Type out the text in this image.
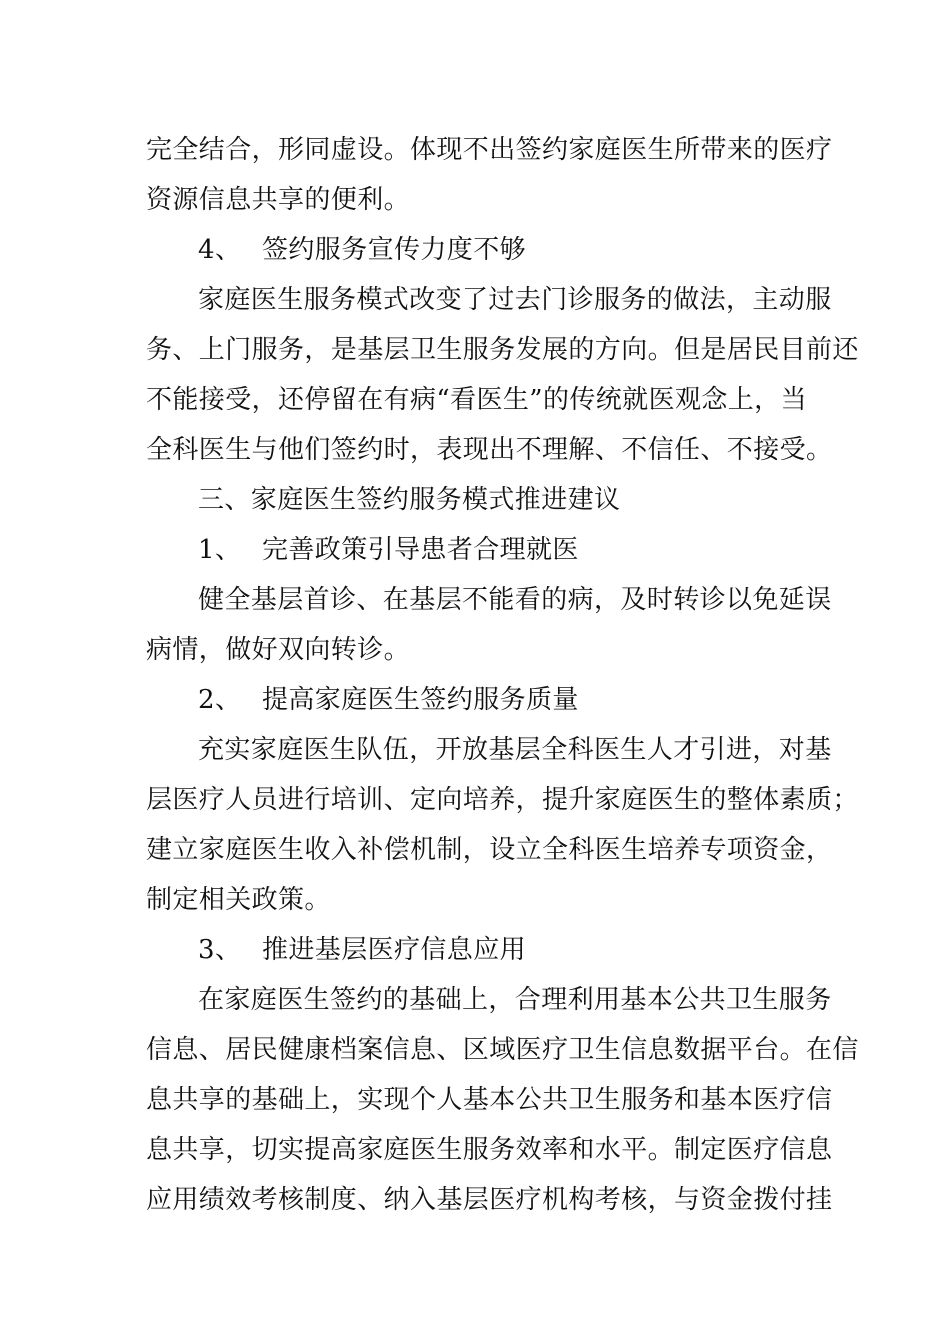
完全结合，形同虚设。体现不出签约家庭医生所带来的医疗
资源信息共享的便利。
4、 签约服务宣传力度不够
家庭医生服务模式改变了过去门诊服务的做法，主动服
务、上门服务，是基层卫生服务发展的方向。但是居民目前还
不能接受，还停留在有病“看医生”的传统就医观念上，当
全科医生与他们签约时，表现出不理解、不信任、不接受。
三、家庭医生签约服务模式推进建议
1、 完善政策引导患者合理就医
健全基层首诊、在基层不能看的病，及时转诊以免延误
病情，做好双向转诊。
2、 提高家庭医生签约服务质量
充实家庭医生队伍，开放基层全科医生人才引进，对基
层医疗人员进行培训、定向培养，提升家庭医生的整体素质；
建立家庭医生收入补偿机制，设立全科医生培养专项资金，
制定相关政策。
3、 推进基层医疗信息应用
在家庭医生签约的基础上，合理利用基本公共卫生服务
信息、居民健康档案信息、区域医疗卫生信息数据平台。在信
息共享的基础上，实现个人基本公共卫生服务和基本医疗信
息共享，切实提高家庭医生服务效率和水平。制定医疗信息
应用绩效考核制度、纳入基层医疗机构考核，与资金拨付挂
